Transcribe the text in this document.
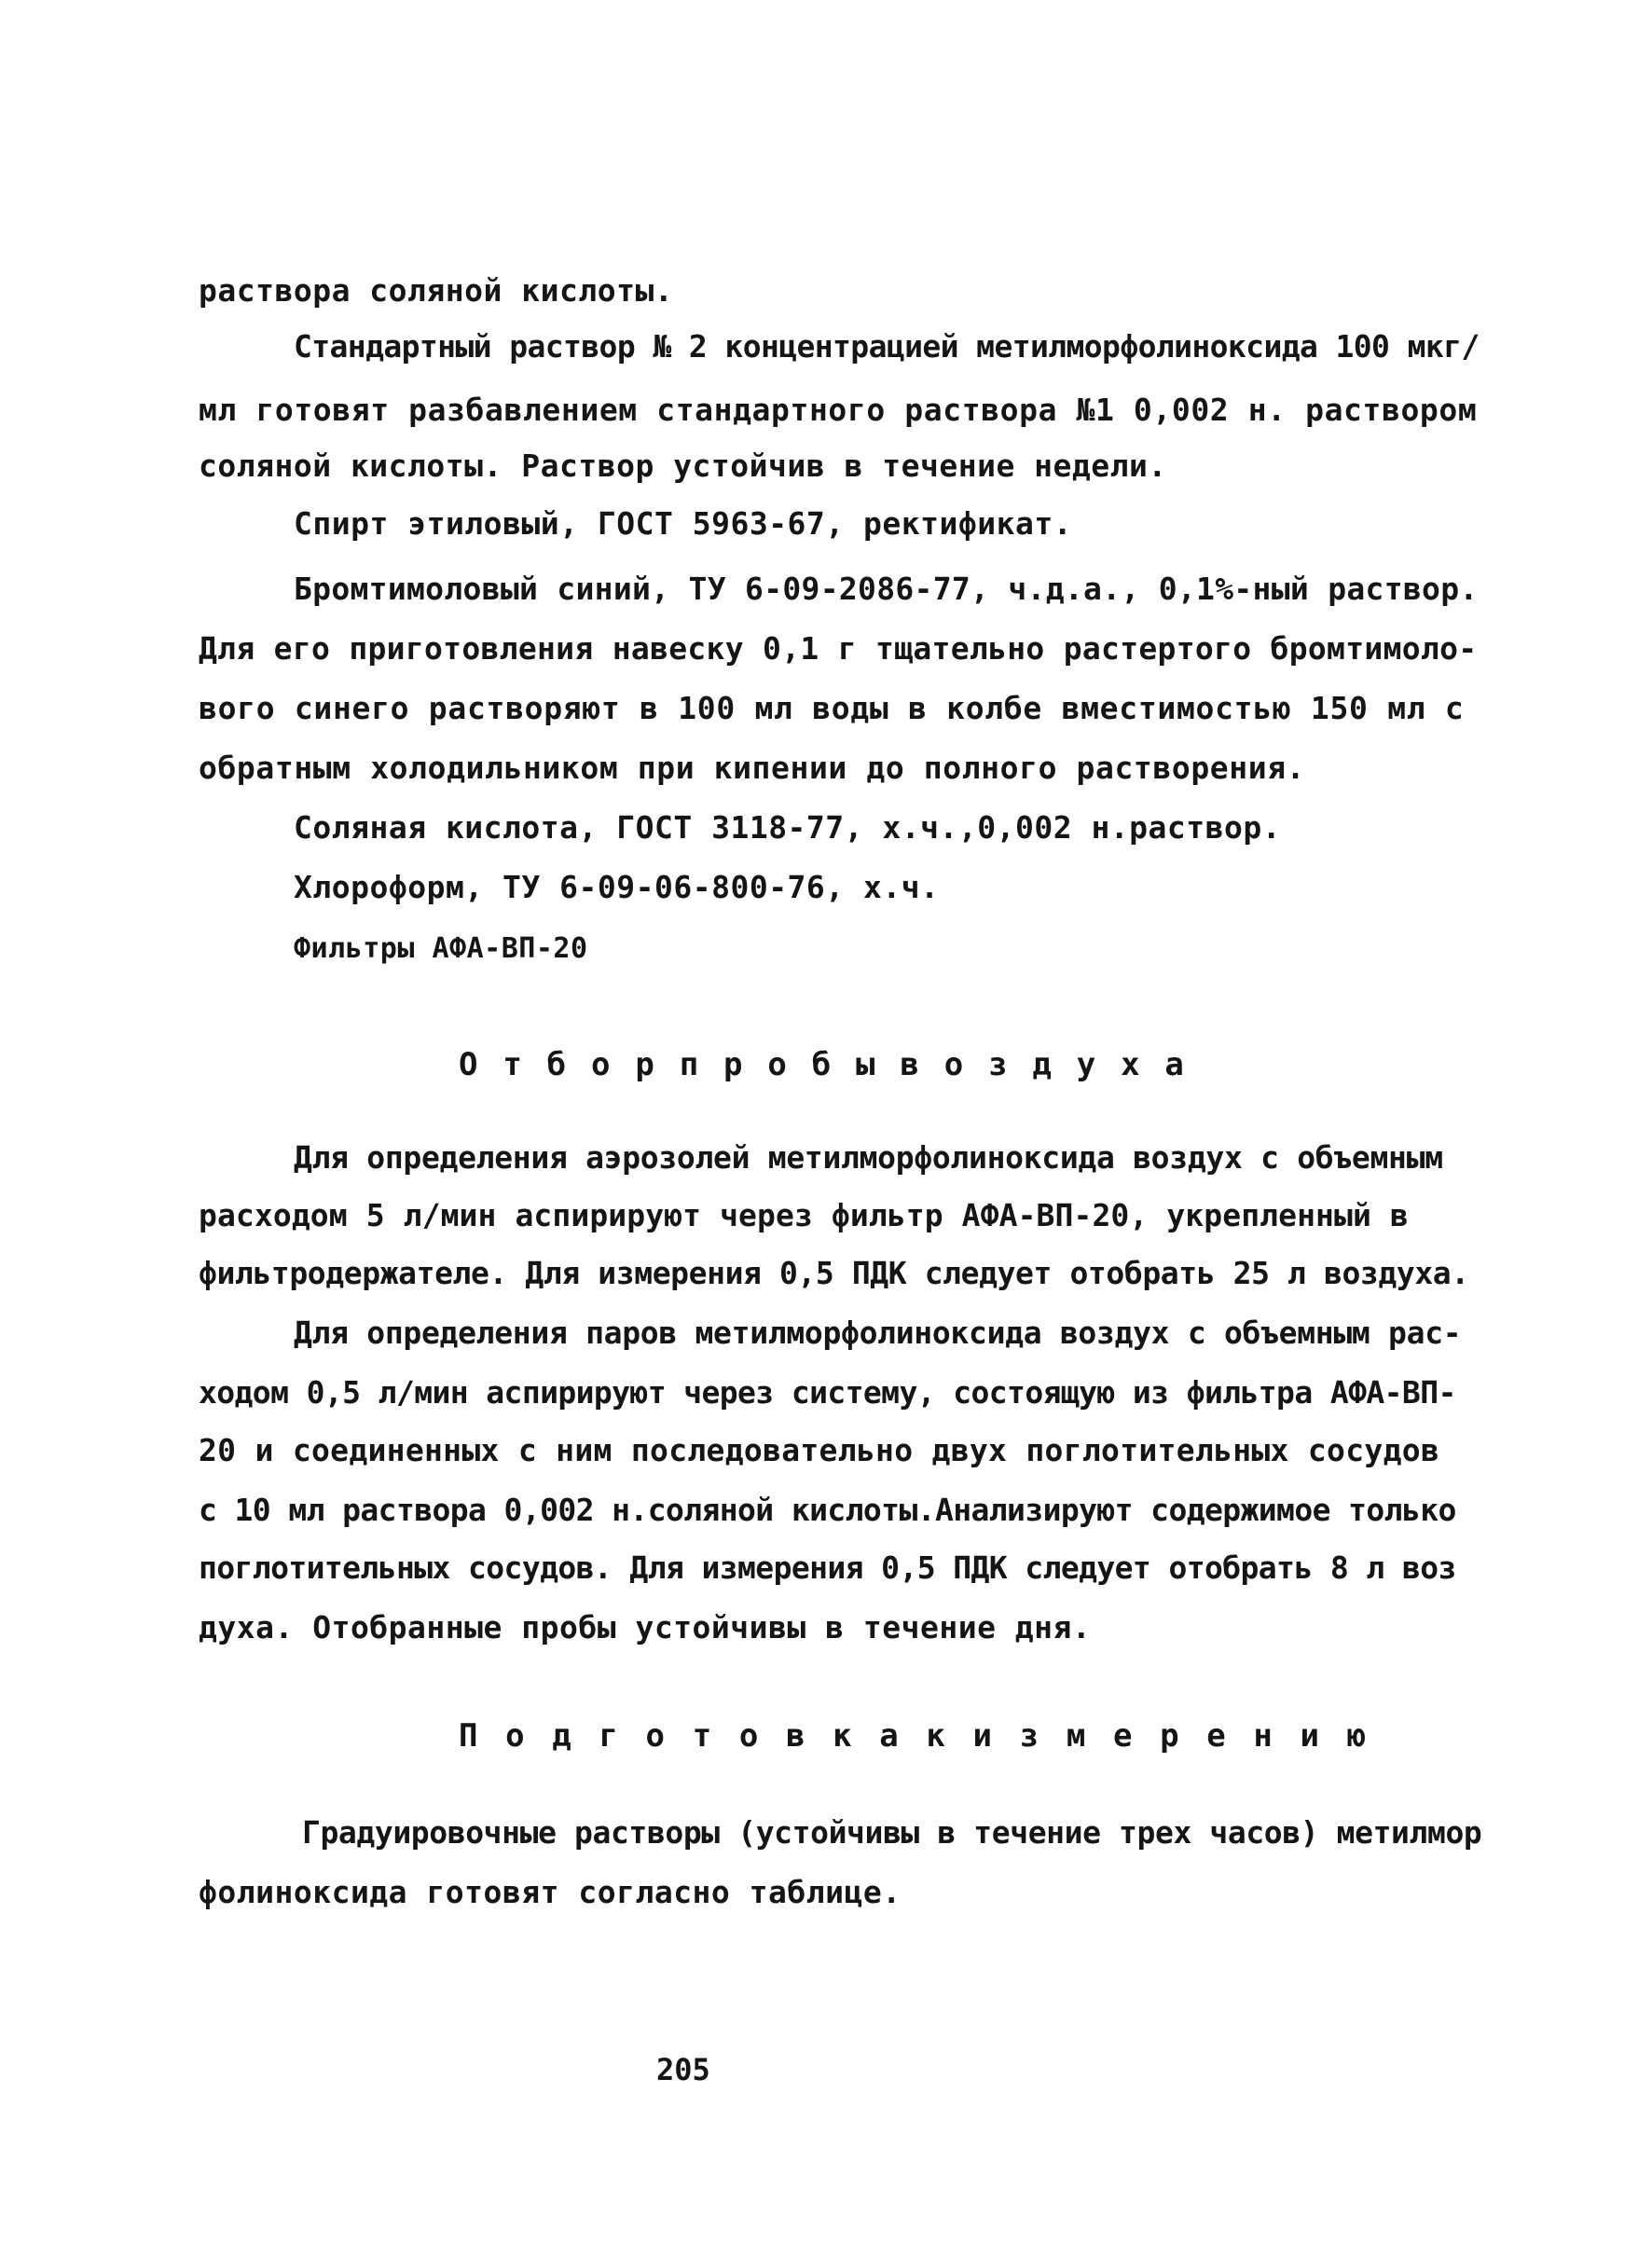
раствора соляной кислоты.
Стандартный раствор № 2 концентрацией метилморфолиноксида 100 мкг/
мл готовят разбавлением стандартного раствора №1 0,002 н. раствором
соляной кислоты. Раствор устойчив в течение недели.
Спирт этиловый, ГОСТ 5963-67, ректификат.
Бромтимоловый синий, ТУ 6-09-2086-77, ч.д.а., 0,1%-ный раствор.
Для его приготовления навеску 0,1 г тщательно растертого бромтимоло-
вого синего растворяют в 100 мл воды в колбе вместимостью 150 мл с
обратным холодильником при кипении до полного растворения.
Соляная кислота, ГОСТ 3118-77, х.ч.,0,002 н.раствор.
Хлороформ, ТУ 6-09-06-800-76, х.ч.
Фильтры АФА-ВП-20
О т б о р п р о б ы в о з д у х а
Для определения аэрозолей метилморфолиноксида воздух с объемным
расходом 5 л/мин аспирируют через фильтр АФА-ВП-20, укрепленный в
фильтродержателе. Для измерения 0,5 ПДК следует отобрать 25 л воздуха.
Для определения паров метилморфолиноксида воздух с объемным рас-
ходом 0,5 л/мин аспирируют через систему, состоящую из фильтра АФА-ВП-
20 и соединенных с ним последовательно двух поглотительных сосудов
с 10 мл раствора 0,002 н.соляной кислоты.Анализируют содержимое только
поглотительных сосудов. Для измерения 0,5 ПДК следует отобрать 8 л воз
духа. Отобранные пробы устойчивы в течение дня.
П о д г о т о в к а к и з м е р е н и ю
Градуировочные растворы (устойчивы в течение трех часов) метилмор
фолиноксида готовят согласно таблице.
205
